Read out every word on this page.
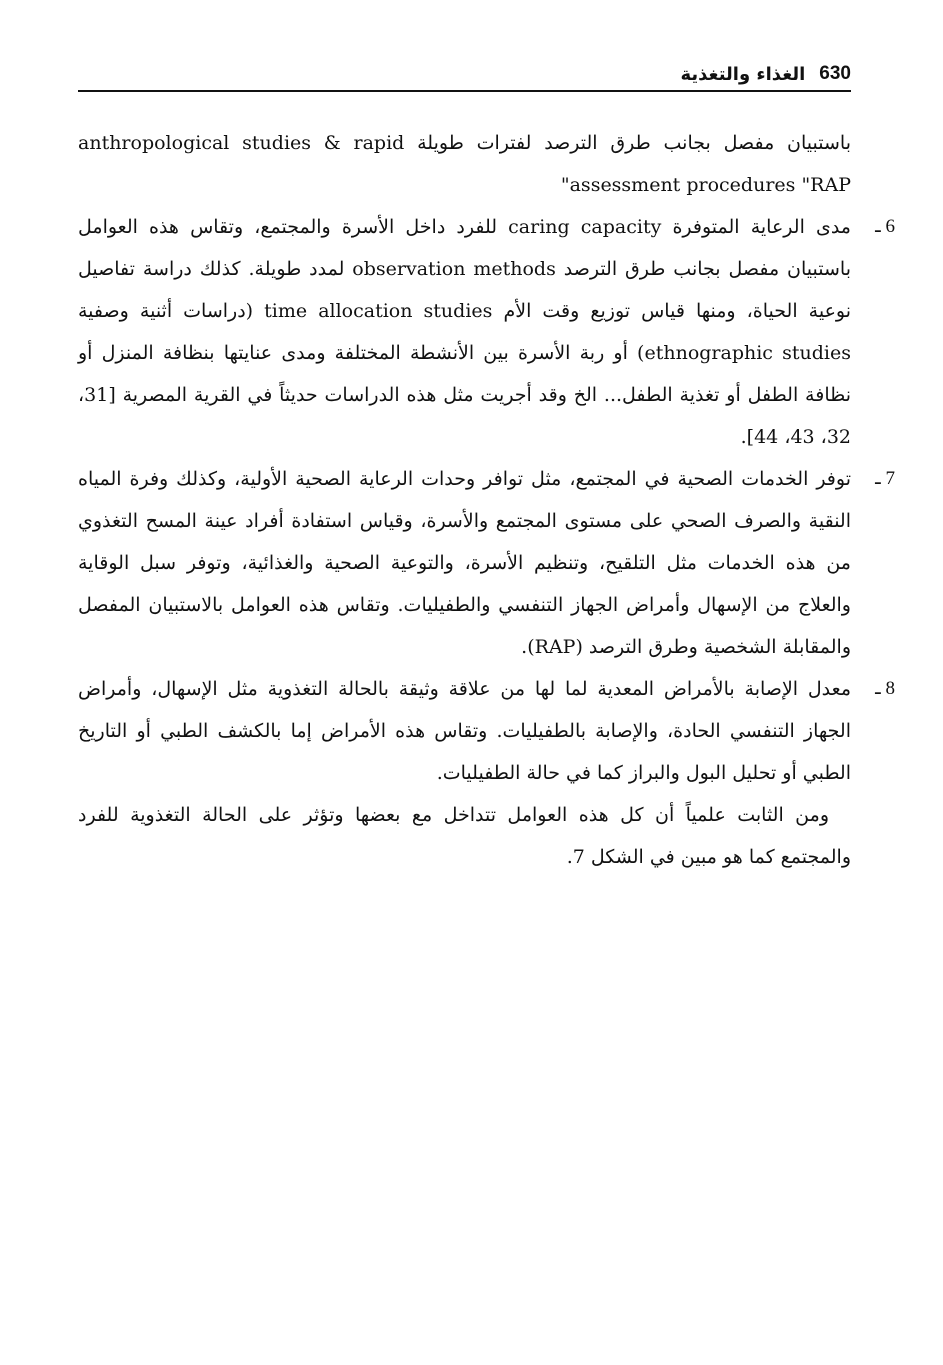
الغذاء والتغذية 630

باستبيان مفصل بجانب طرق الترصد لفترات طويلة anthropological studies & rapid assessment procedures "RAP"

6 ـ

مدى الرعاية المتوفرة caring capacity للفرد داخل الأسرة والمجتمع، وتقاس هذه العوامل باستبيان مفصل بجانب طرق الترصد observation methods لمدد طويلة. كذلك دراسة تفاصيل نوعية الحياة، ومنها قياس توزيع وقت الأم time allocation studies (دراسات أثنية وصفية ethnographic studies) أو ربة الأسرة بين الأنشطة المختلفة ومدى عنايتها بنظافة المنزل أو نظافة الطفل أو تغذية الطفل... الخ وقد أجريت مثل هذه الدراسات حديثاً في القرية المصرية [31، 32، 43، 44].

7 ـ

توفر الخدمات الصحية في المجتمع، مثل توافر وحدات الرعاية الصحية الأولية، وكذلك وفرة المياه النقية والصرف الصحي على مستوى المجتمع والأسرة، وقياس استفادة أفراد عينة المسح التغذوي من هذه الخدمات مثل التلقيح، وتنظيم الأسرة، والتوعية الصحية والغذائية، وتوفر سبل الوقاية والعلاج من الإسهال وأمراض الجهاز التنفسي والطفيليات. وتقاس هذه العوامل بالاستبيان المفصل والمقابلة الشخصية وطرق الترصد (RAP).

8 ـ

معدل الإصابة بالأمراض المعدية لما لها من علاقة وثيقة بالحالة التغذوية مثل الإسهال، وأمراض الجهاز التنفسي الحادة، والإصابة بالطفيليات. وتقاس هذه الأمراض إما بالكشف الطبي أو التاريخ الطبي أو تحليل البول والبراز كما في حالة الطفيليات.

ومن الثابت علمياً أن كل هذه العوامل تتداخل مع بعضها وتؤثر على الحالة التغذوية للفرد والمجتمع كما هو مبين في الشكل 7.
